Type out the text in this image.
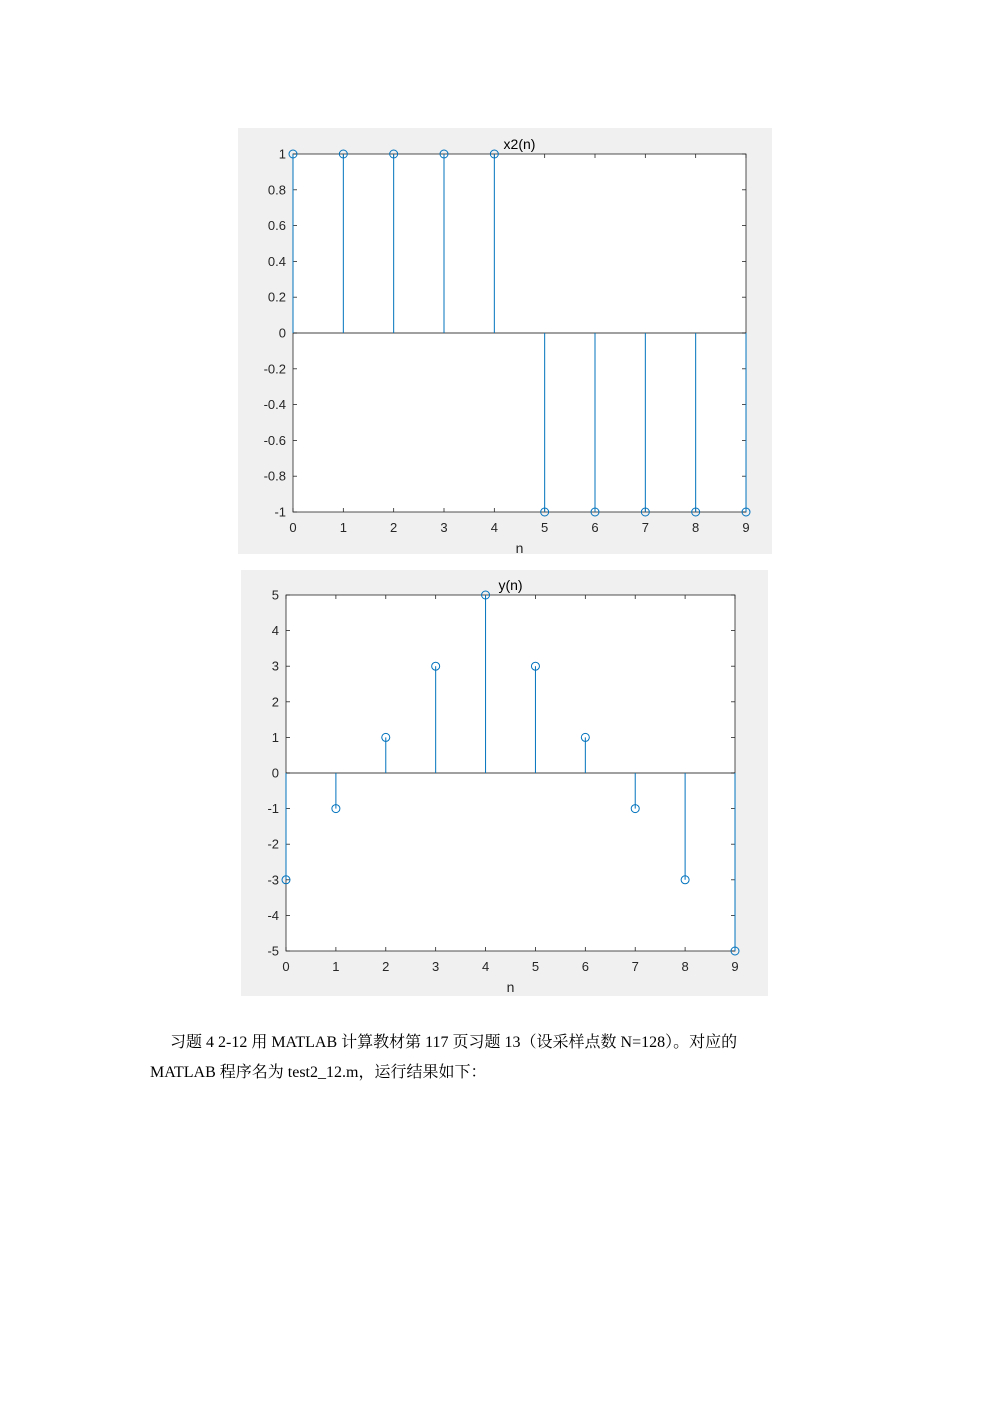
1
0.8
0.6
0.4
0.2
0
-0.2
-0.4
-0.6
-0.8
-1
0	1	2	3	4	5	6	7	8	9
x2(n)
n
5
4
3
2
1
0
-1
-2
-3
-4
-5
0	1	2	3	4	5	6	7	8	9
y(n)
n

习题 4 2-12 用 MATLAB 计算教材第 117 页习题 13（设采样点数 N=128）。对应的

MATLAB 程序名为 test2_12.m，运行结果如下：
